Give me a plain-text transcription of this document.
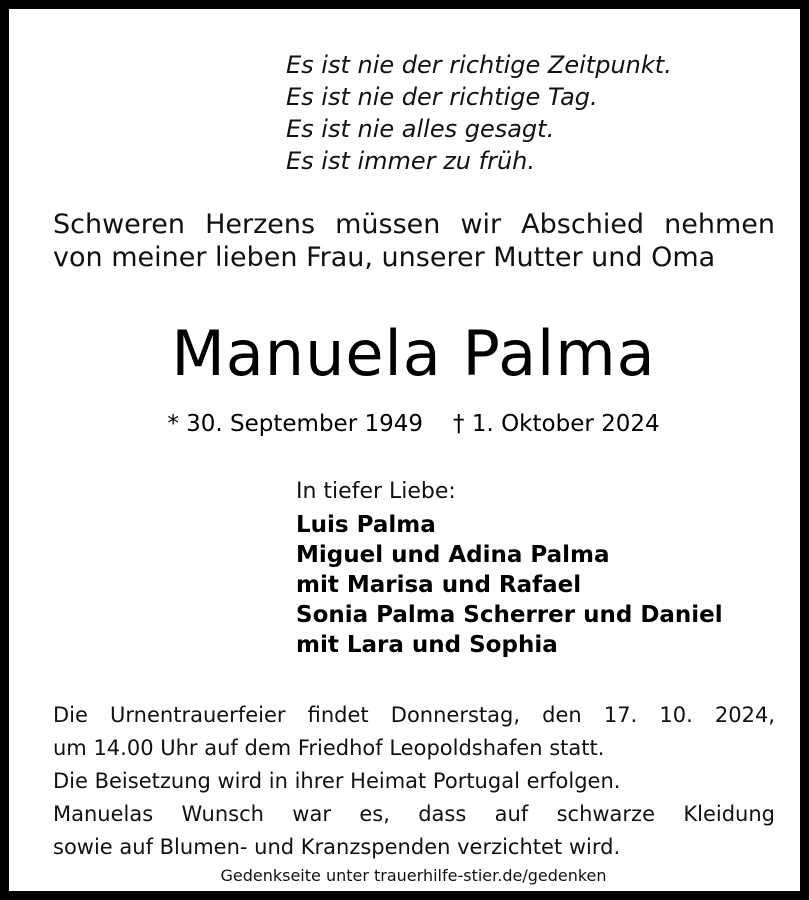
Es ist nie der richtige Zeitpunkt.
Es ist nie der richtige Tag.
Es ist nie alles gesagt.
Es ist immer zu früh.
Schweren Herzens müssen wir Abschied nehmen
von meiner lieben Frau, unserer Mutter und Oma
Manuela Palma
* 30. September 1949 † 1. Oktober 2024
In tiefer Liebe:
Luis Palma
Miguel und Adina Palma
mit Marisa und Rafael
Sonia Palma Scherrer und Daniel
mit Lara und Sophia
Die Urnentrauerfeier findet Donnerstag, den 17. 10. 2024,
um 14.00 Uhr auf dem Friedhof Leopoldshafen statt.
Die Beisetzung wird in ihrer Heimat Portugal erfolgen.
Manuelas Wunsch war es, dass auf schwarze Kleidung
sowie auf Blumen- und Kranzspenden verzichtet wird.
Gedenkseite unter trauerhilfe-stier.de/gedenken
